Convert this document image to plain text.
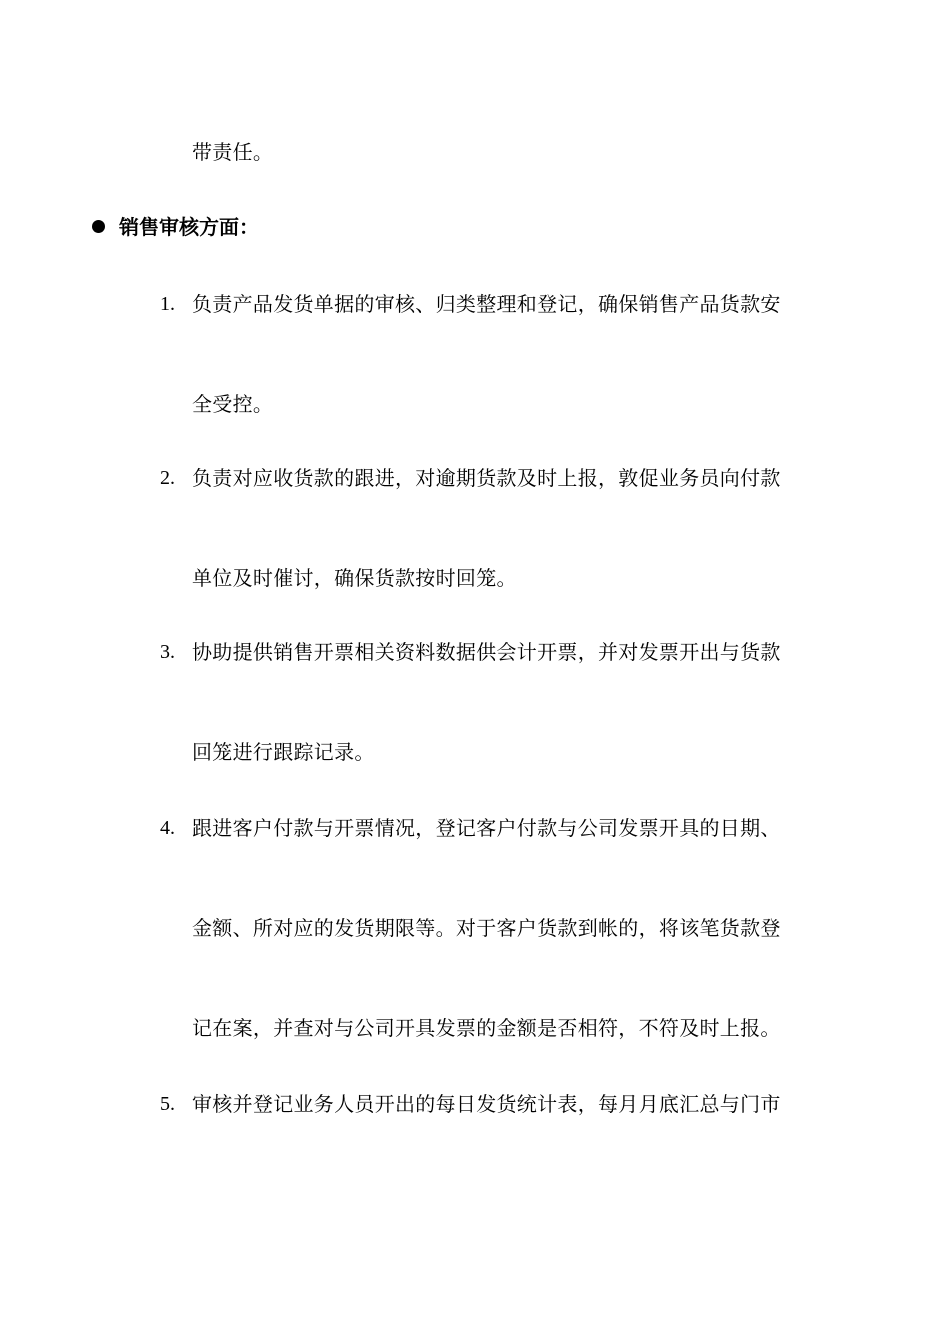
带责任。
销售审核方面：
1. 负责产品发货单据的审核、归类整理和登记，确保销售产品货款安
全受控。
2. 负责对应收货款的跟进，对逾期货款及时上报，敦促业务员向付款
单位及时催讨，确保货款按时回笼。
3. 协助提供销售开票相关资料数据供会计开票，并对发票开出与货款
回笼进行跟踪记录。
4. 跟进客户付款与开票情况，登记客户付款与公司发票开具的日期、
金额、所对应的发货期限等。对于客户货款到帐的，将该笔货款登
记在案，并查对与公司开具发票的金额是否相符，不符及时上报。
5. 审核并登记业务人员开出的每日发货统计表，每月月底汇总与门市
